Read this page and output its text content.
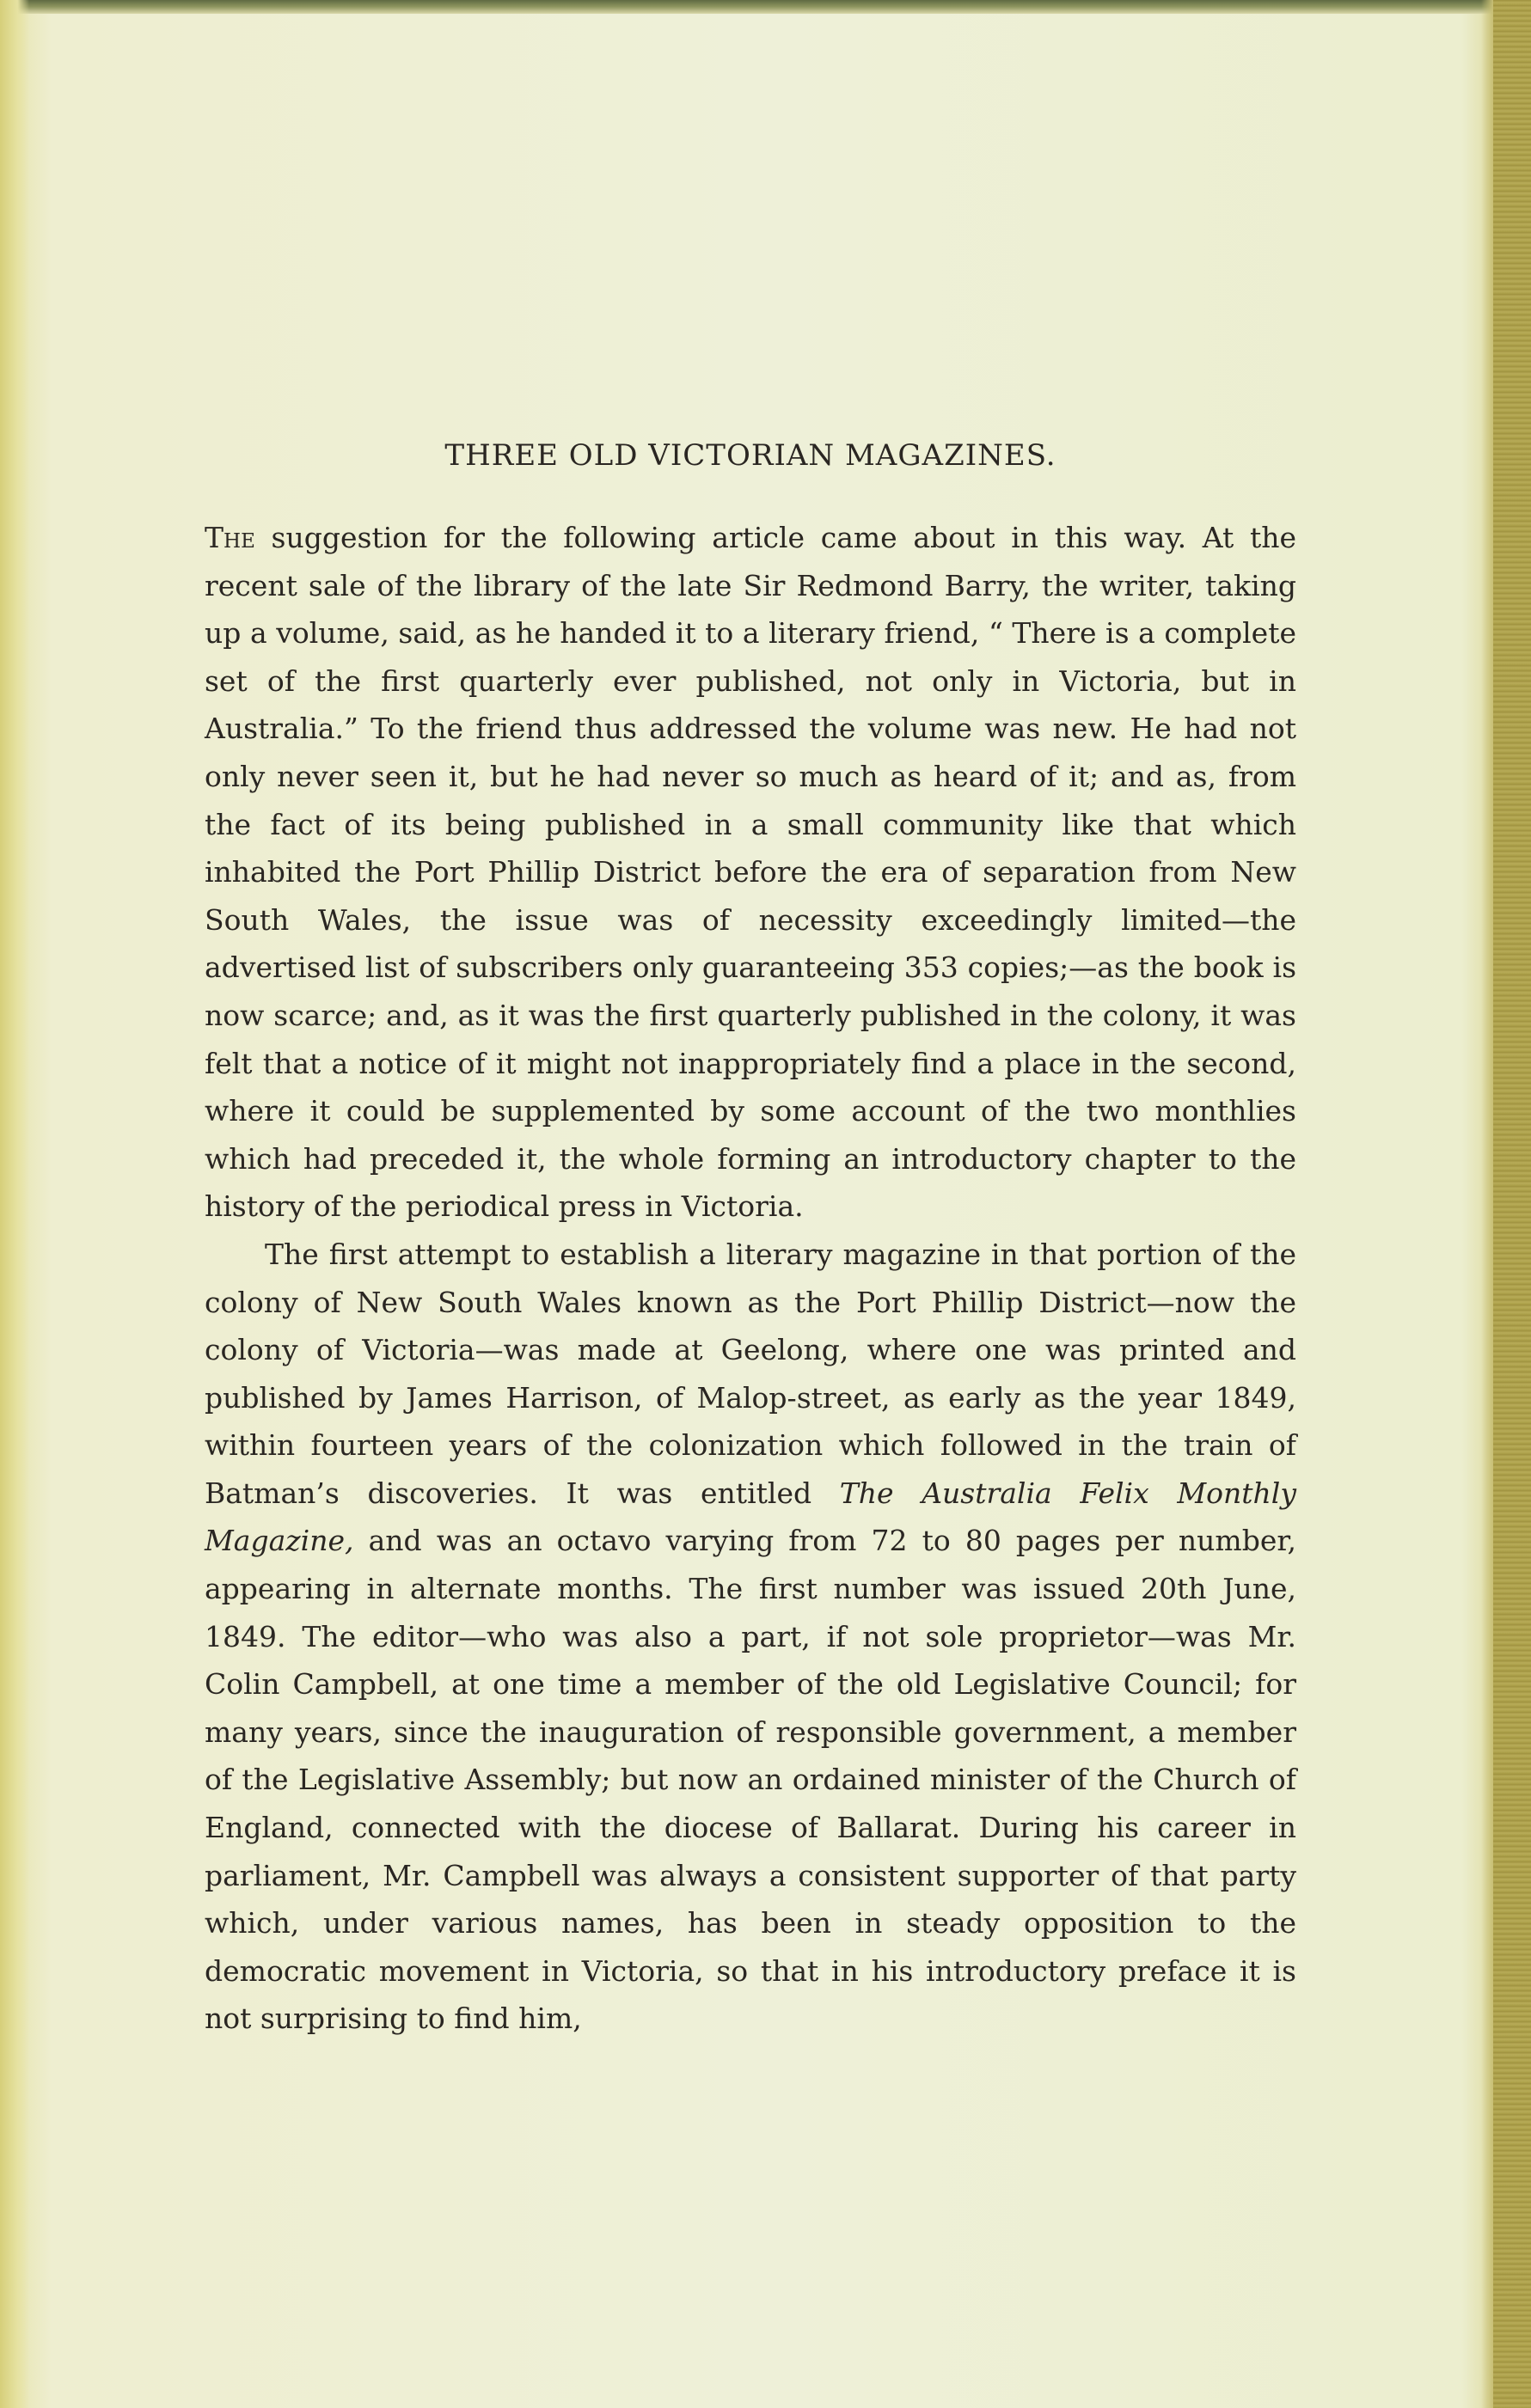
THREE OLD VICTORIAN MAGAZINES.

The suggestion for the following article came about in this way. At the recent sale of the library of the late Sir Redmond Barry, the writer, taking up a volume, said, as he handed it to a literary friend, “ There is a complete set of the first quarterly ever published, not only in Victoria, but in Australia.” To the friend thus addressed the volume was new. He had not only never seen it, but he had never so much as heard of it; and as, from the fact of its being published in a small community like that which inhabited the Port Phillip District before the era of separation from New South Wales, the issue was of necessity exceedingly limited—the advertised list of subscribers only guaranteeing 353 copies;—as the book is now scarce; and, as it was the first quarterly published in the colony, it was felt that a notice of it might not inappropriately find a place in the second, where it could be supplemented by some account of the two monthlies which had preceded it, the whole forming an introductory chapter to the history of the periodical press in Victoria.

The first attempt to establish a literary magazine in that portion of the colony of New South Wales known as the Port Phillip District—now the colony of Victoria—was made at Geelong, where one was printed and published by James Harrison, of Malop-street, as early as the year 1849, within fourteen years of the colonization which followed in the train of Batman’s discoveries. It was entitled The Australia Felix Monthly Magazine, and was an octavo varying from 72 to 80 pages per number, appearing in alternate months. The first number was issued 20th June, 1849. The editor—who was also a part, if not sole proprietor—was Mr. Colin Campbell, at one time a member of the old Legislative Council; for many years, since the inauguration of responsible government, a member of the Legislative Assembly; but now an ordained minister of the Church of England, connected with the diocese of Ballarat. During his career in parliament, Mr. Campbell was always a consistent supporter of that party which, under various names, has been in steady opposition to the democratic movement in Victoria, so that in his introductory preface it is not surprising to find him,
